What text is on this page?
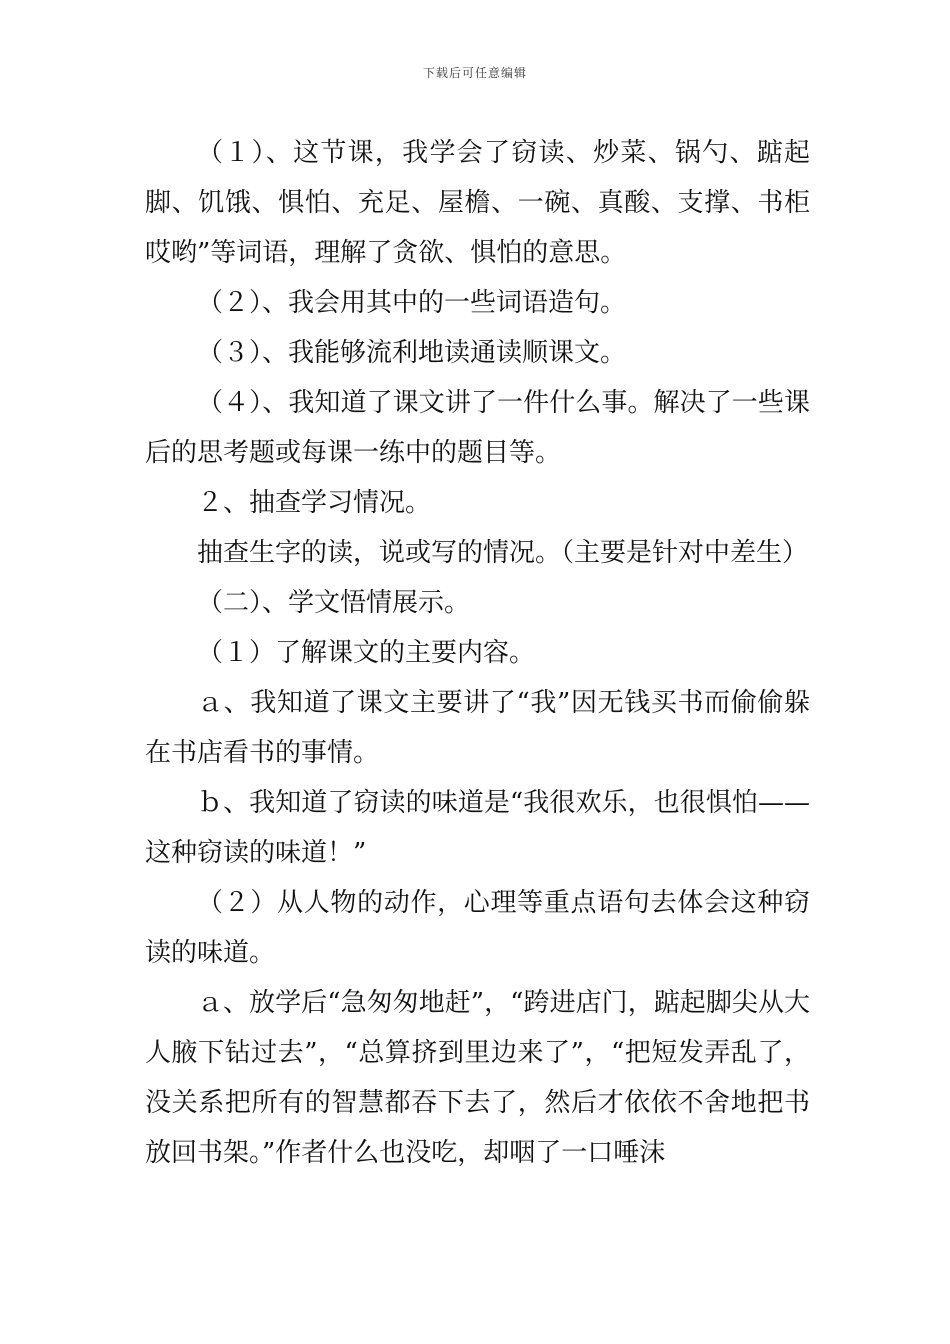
下载后可任意编辑

（１）、这节课，我学会了窃读、炒菜、锅勺、踮起脚、饥饿、惧怕、充足、屋檐、一碗、真酸、支撑、书柜哎哟”等词语，理解了贪欲、惧怕的意思。

（２）、我会用其中的一些词语造句。

（３）、我能够流利地读通读顺课文。

（４）、我知道了课文讲了一件什么事。解决了一些课后的思考题或每课一练中的题目等。

２、抽查学习情况。

抽查生字的读，说或写的情况。（主要是针对中差生）

（二）、学文悟情展示。

（１）了解课文的主要内容。

ａ、我知道了课文主要讲了“我”因无钱买书而偷偷躲在书店看书的事情。

ｂ、我知道了窃读的味道是“我很欢乐，也很惧怕——这种窃读的味道！”

（２）从人物的动作，心理等重点语句去体会这种窃读的味道。

ａ、放学后“急匆匆地赶”，“跨进店门，踮起脚尖从大人腋下钻过去”，“总算挤到里边来了”，“把短发弄乱了，没关系把所有的智慧都吞下去了，然后才依依不舍地把书放回书架。”作者什么也没吃，却咽了一口唾沫
